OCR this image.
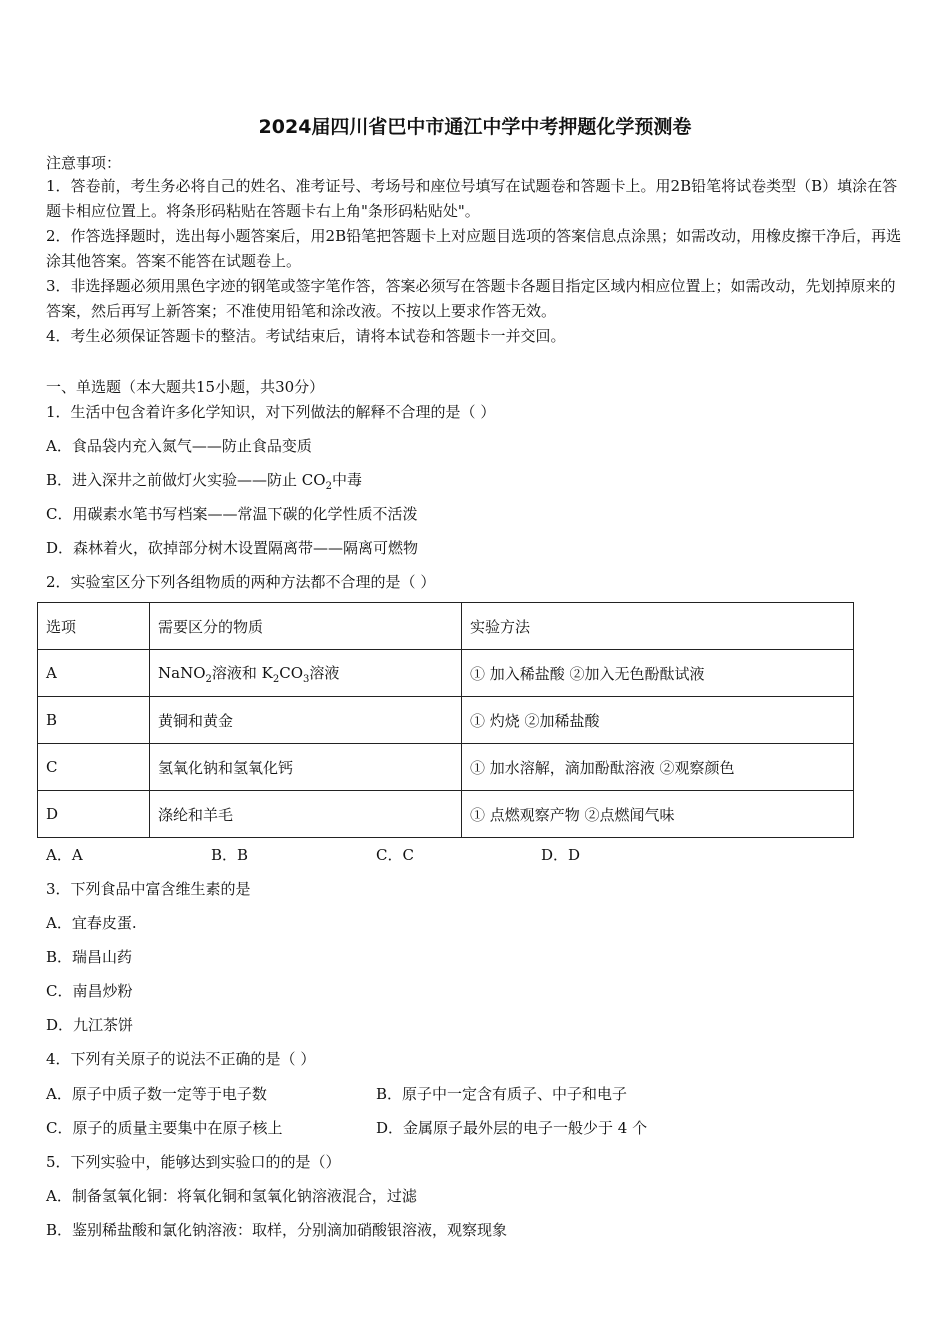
2024届四川省巴中市通江中学中考押题化学预测卷
注意事项：
1．答卷前，考生务必将自己的姓名、准考证号、考场号和座位号填写在试题卷和答题卡上。用2B铅笔将试卷类型（B）填涂在答题卡相应位置上。将条形码粘贴在答题卡右上角"条形码粘贴处"。
2．作答选择题时，选出每小题答案后，用2B铅笔把答题卡上对应题目选项的答案信息点涂黑；如需改动，用橡皮擦干净后，再选涂其他答案。答案不能答在试题卷上。
3．非选择题必须用黑色字迹的钢笔或签字笔作答，答案必须写在答题卡各题目指定区域内相应位置上；如需改动，先划掉原来的答案，然后再写上新答案；不准使用铅笔和涂改液。不按以上要求作答无效。
4．考生必须保证答题卡的整洁。考试结束后，请将本试卷和答题卡一并交回。
一、单选题（本大题共15小题，共30分）
1．生活中包含着许多化学知识，对下列做法的解释不合理的是（ ）
A．食品袋内充入氮气——防止食品变质
B．进入深井之前做灯火实验——防止 $CO_2$中毒
C．用碳素水笔书写档案——常温下碳的化学性质不活泼
D．森林着火，砍掉部分树木设置隔离带——隔离可燃物
2．实验室区分下列各组物质的两种方法都不合理的是（ ）
选项	需要区分的物质	实验方法
A	NaNO$_2$溶液和 $K_2CO_3$溶液	① 加入稀盐酸 ②加入无色酚酞试液
B	黄铜和黄金	① 灼烧 ②加稀盐酸
C	氢氧化钠和氢氧化钙	① 加水溶解，滴加酚酞溶液 ②观察颜色
D	涤纶和羊毛	① 点燃观察产物 ②点燃闻气味
A．A	B．B	C．C	D．D
3．下列食品中富含维生素的是
A．宜春皮蛋.
B．瑞昌山药
C．南昌炒粉
D．九江茶饼
4．下列有关原子的说法不正确的是（ ）
A．原子中质子数一定等于电子数	B．原子中一定含有质子、中子和电子
C．原子的质量主要集中在原子核上	D．金属原子最外层的电子一般少于 4 个
5．下列实验中，能够达到实验口的的是（）
A．制备氢氧化铜：将氧化铜和氢氧化钠溶液混合，过滤
B．鉴别稀盐酸和氯化钠溶液：取样，分别滴加硝酸银溶液，观察现象
